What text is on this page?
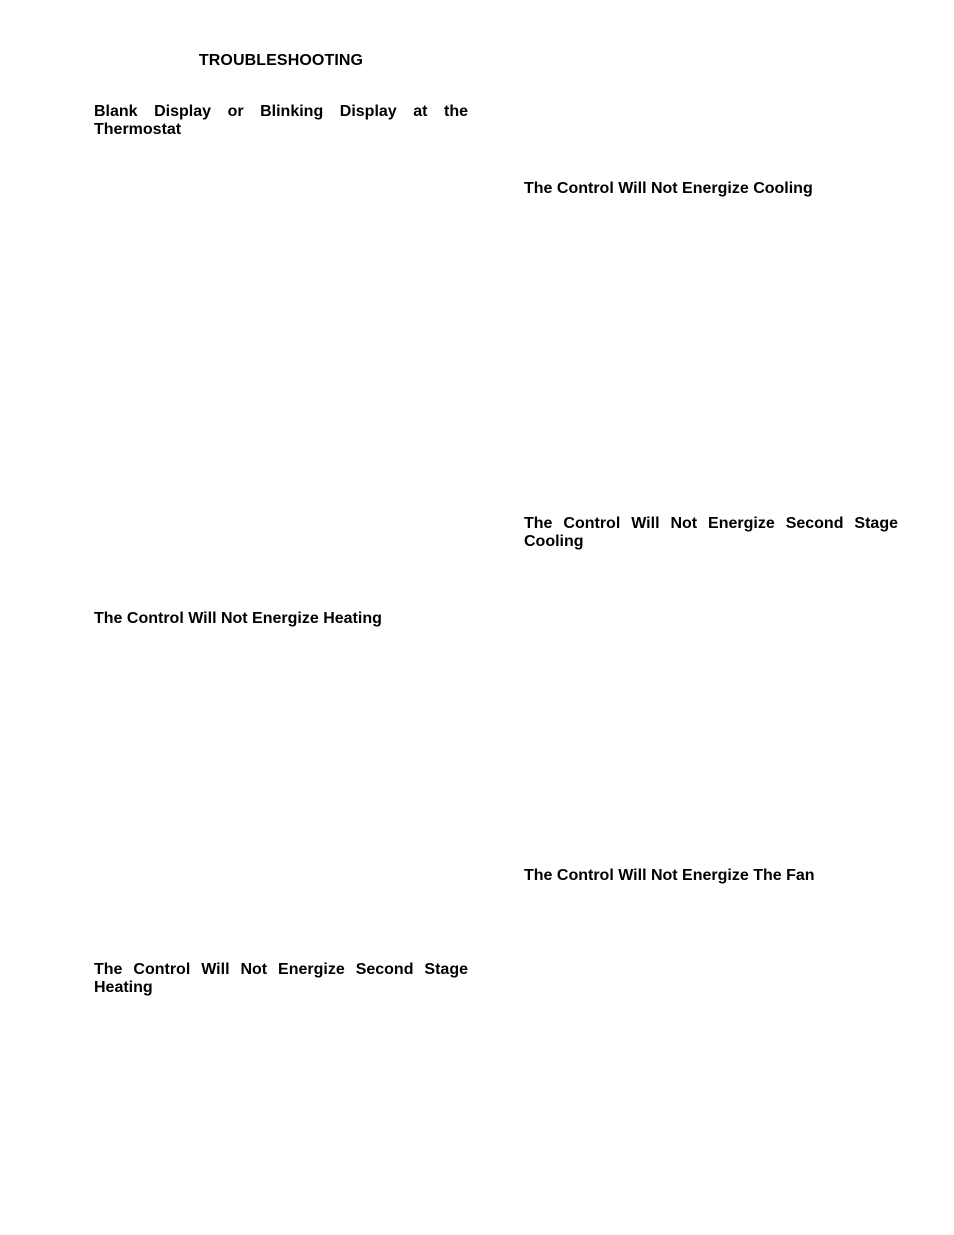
TROUBLESHOOTING
Blank Display or Blinking Display at the Thermostat
The Control Will Not Energize Heating
The Control Will Not Energize Second Stage Heating
The Control Will Not Energize Cooling
The Control Will Not Energize Second Stage Cooling
The Control Will Not Energize The Fan
